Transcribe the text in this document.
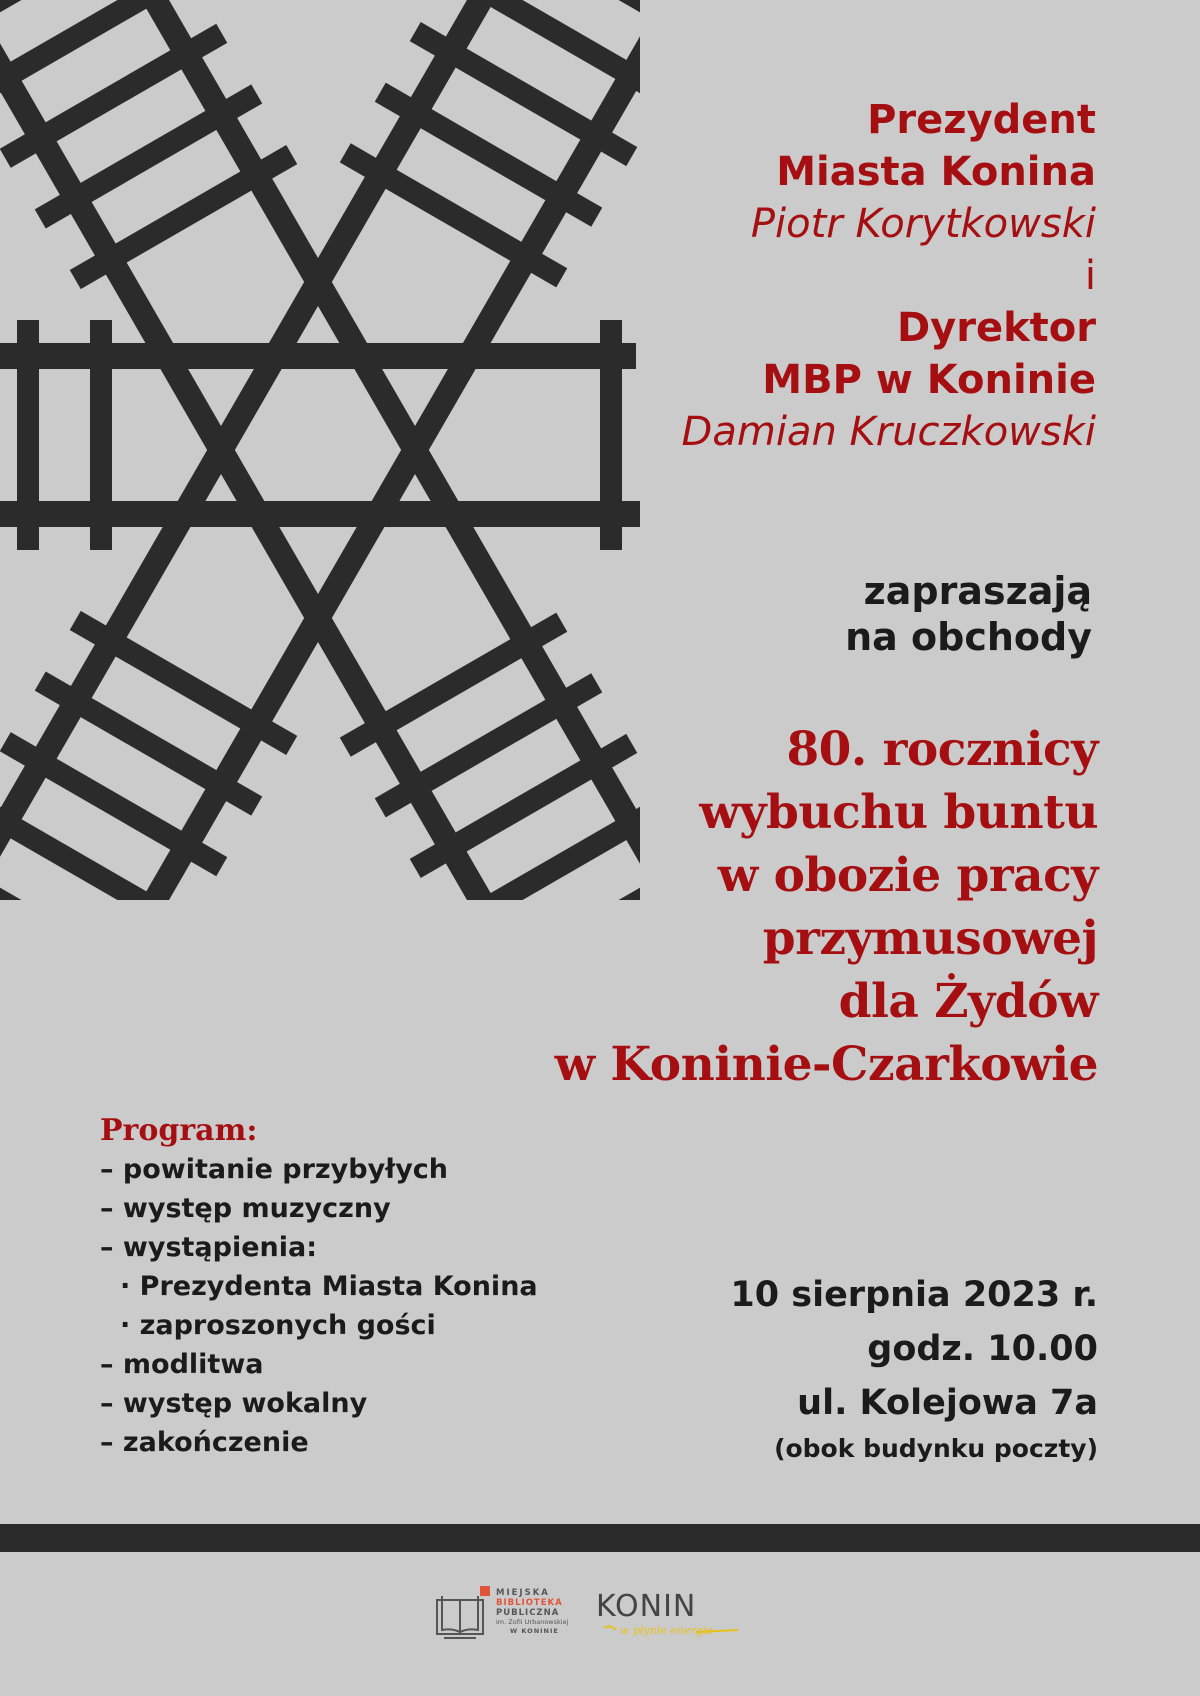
Prezydent
Miasta Konina
Piotr Korytkowski
i
Dyrektor
MBP w Koninie
Damian Kruczkowski
zapraszają
na obchody
80. rocznicy
wybuchu buntu
w obozie pracy
przymusowej
dla Żydów
w Koninie-Czarkowie
Program:
– powitanie przybyłych
– występ muzyczny
– wystąpienia:
· Prezydenta Miasta Konina
· zaproszonych gości
– modlitwa
– występ wokalny
– zakończenie
10 sierpnia 2023 r.
godz. 10.00
ul. Kolejowa 7a
(obok budynku poczty)
MIEJSKA
BIBLIOTEKA
PUBLICZNA
im. Zofii Urbanowskiej
W KONINIE
KONIN
w płynie energia
